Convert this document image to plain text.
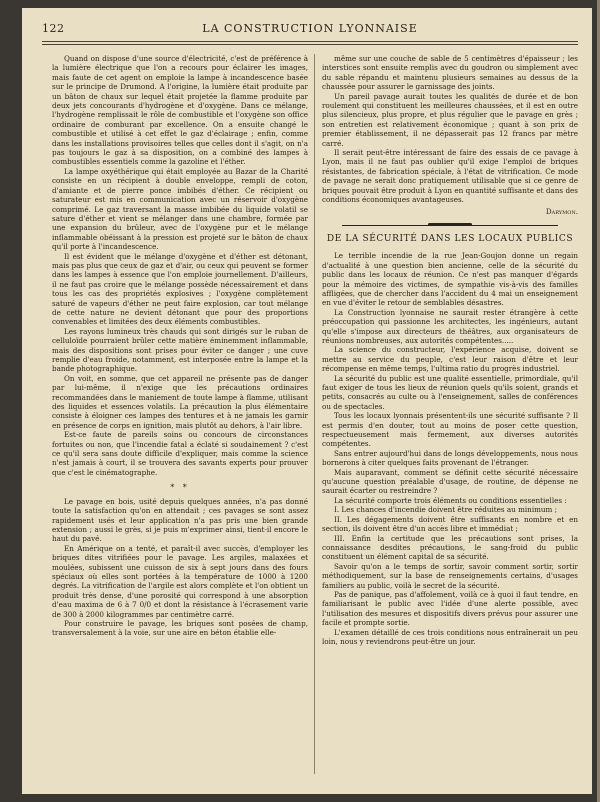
122	LA CONSTRUCTION LYONNAISE

Quand on dispose d'une source d'électricité, c'est de préférence à la lumière électrique que l'on a recours pour éclairer les images, mais faute de cet agent on emploie la lampe à incandescence basée sur le principe de Drumond. A l'origine, la lumière était produite par un bâton de chaux sur lequel était projetée la flamme produite par deux jets concourants d'hydrogène et d'oxygène. Dans ce mélange, l'hydrogène remplissait le rôle de combustible et l'oxygène son office ordinaire de comburant par excellence. On a ensuite changé le combustible et utilisé à cet effet le gaz d'éclairage ; enfin, comme dans les installations provisoires telles que celles dont il s'agit, on n'a pas toujours le gaz à sa disposition, on a combiné des lampes à combustibles essentiels comme la gazoline et l'éther.

La lampe oxyéthérique qui était employée au Bazar de la Charité consiste en un récipient à double enveloppe, rempli de coton, d'amiante et de pierre ponce imbibés d'éther. Ce récipient ou saturateur est mis en communication avec un réservoir d'oxygène comprimé. Le gaz traversant la masse imbibée du liquide volatil se sature d'éther et vient se mélanger dans une chambre, formée par une expansion du brûleur, avec de l'oxygène pur et le mélange inflammable obéissant à la pression est projeté sur le bâton de chaux qu'il porte à l'incandescence.

Il est évident que le mélange d'oxygène et d'éther est détonant, mais pas plus que ceux de gaz et d'air, ou ceux qui peuvent se former dans les lampes à essence que l'on emploie journellement. D'ailleurs, il ne faut pas croire que le mélange possède nécessairement et dans tous les cas des propriétés explosives ; l'oxygène complètement saturé de vapeurs d'éther ne peut faire explosion, car tout mélange de cette nature ne devient détonant que pour des proportions convenables et limitées des deux éléments combustibles.

Les rayons lumineux très chauds qui sont dirigés sur le ruban de celluloïde pourraient brûler cette matière éminemment inflammable, mais des dispositions sont prises pour éviter ce danger ; une cuve remplie d'eau froide, notamment, est interposée entre la lampe et la bande photographique.

On voit, en somme, que cet appareil ne présente pas de danger par lui-même, il n'exige que les précautions ordinaires recommandées dans le maniement de toute lampe à flamme, utilisant des liquides et essences volatils. La précaution la plus élémentaire consiste à éloigner ces lampes des tentures et à ne jamais les garnir en présence de corps en ignition, mais plutôt au dehors, à l'air libre.

Est-ce faute de pareils soins ou concours de circonstances fortuites ou non, que l'incendie fatal a éclaté si soudainement ? c'est ce qu'il sera sans doute difficile d'expliquer, mais comme la science n'est jamais à court, il se trouvera des savants experts pour prouver que c'est le cinématographe.

* *

Le pavage en bois, usité depuis quelques années, n'a pas donné toute la satisfaction qu'on en attendait ; ces pavages se sont assez rapidement usés et leur application n'a pas pris une bien grande extension ; aussi le grès, si je puis m'exprimer ainsi, tient-il encore le haut du pavé.

En Amérique on a tenté, et paraît-il avec succès, d'employer les briques dites vitrifiées pour le pavage. Les argiles, malaxées et moulées, subissent une cuisson de six à sept jours dans des fours spéciaux où elles sont portées à la température de 1000 à 1200 degrés. La vitrification de l'argile est alors complète et l'on obtient un produit très dense, d'une porosité qui correspond à une absorption d'eau maxima de 6 à 7 0/0 et dont la résistance à l'écrasement varie de 300 à 2000 kilogrammes par centimètre carré.

Pour construire le pavage, les briques sont posées de champ, transversalement à la voie, sur une aire en béton établie elle-

même sur une couche de sable de 5 centimètres d'épaisseur ; les interstices sont ensuite remplis avec du goudron ou simplement avec du sable répandu et maintenu plusieurs semaines au dessus de la chaussée pour assurer le garnissage des joints.

Un pareil pavage aurait toutes les qualités de durée et de bon roulement qui constituent les meilleures chaussées, et il est en outre plus silencieux, plus propre, et plus régulier que le pavage en grès ; son entretien est relativement économique ; quant à son prix de premier établissement, il ne dépasserait pas 12 francs par mètre carré.

Il serait peut-être intéressant de faire des essais de ce pavage à Lyon, mais il ne faut pas oublier qu'il exige l'emploi de briques résistantes, de fabrication spéciale, à l'état de vitrification. Ce mode de pavage ne serait donc pratiquement utilisable que si ce genre de briques pouvait être produit à Lyon en quantité suffisante et dans des conditions économiques avantageuses.

Darymon.
DE LA SÉCURITÉ DANS LES LOCAUX PUBLICS

Le terrible incendie de la rue Jean-Goujon donne un regain d'actualité à une question bien ancienne, celle de la sécurité du public dans les locaux de réunion. Ce n'est pas manquer d'égards pour la mémoire des victimes, de sympathie vis-à-vis des familles affligées, que de chercher dans l'accident du 4 mai un enseignement en vue d'éviter le retour de semblables désastres.

La Construction lyonnaise ne saurait rester étrangère à cette préoccupation qui passionne les architectes, les ingénieurs, autant qu'elle s'impose aux directeurs de théâtres, aux organisateurs de réunions nombreuses, aux autorités compétentes.....

La science du constructeur, l'expérience acquise, doivent se mettre au service du peuple, c'est leur raison d'être et leur récompense en même temps, l'ultima ratio du progrès industriel.

La sécurité du public est une qualité essentielle, primordiale, qu'il faut exiger de tous les lieux de réunion quels qu'ils soient, grands et petits, consacrés au culte ou à l'enseignement, salles de conférences ou de spectacles.

Tous les locaux lyonnais présentent-ils une sécurité suffisante ? Il est permis d'en douter, tout au moins de poser cette question, respectueusement mais fermement, aux diverses autorités compétentes.

Sans entrer aujourd'hui dans de longs développements, nous nous bornerons à citer quelques faits provenant de l'étranger.

Mais auparavant, comment se définit cette sécurité nécessaire qu'aucune question préalable d'usage, de routine, de dépense ne saurait écarter ou restreindre ?

La sécurité comporte trois éléments ou conditions essentielles :

I. Les chances d'incendie doivent être réduites au minimum ;

II. Les dégagements doivent être suffisants en nombre et en section, ils doivent être d'un accès libre et immédiat ;

III. Enfin la certitude que les précautions sont prises, la connaissance desdites précautions, le sang-froid du public constituent un élément capital de sa sécurité.

Savoir qu'on a le temps de sortir, savoir comment sortir, sortir méthodiquement, sur la base de renseignements certains, d'usages familiers au public, voilà le secret de la sécurité.

Pas de panique, pas d'affolement, voilà ce à quoi il faut tendre, en familiarisant le public avec l'idée d'une alerte possible, avec l'utilisation des mesures et dispositifs divers prévus pour assurer une facile et prompte sortie.

L'examen détaillé de ces trois conditions nous entraînerait un peu loin, nous y reviendrons peut-être un jour.
